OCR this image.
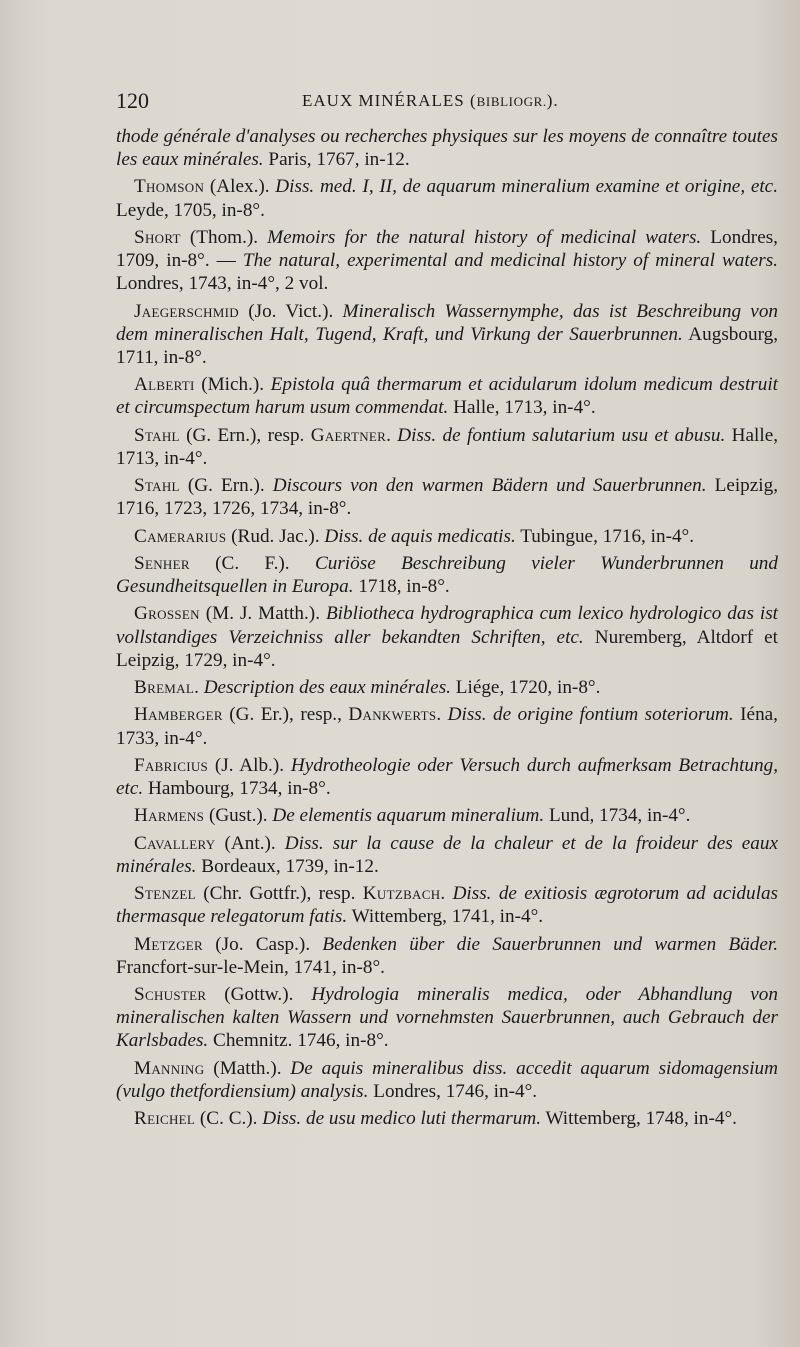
120	EAUX MINÉRALES (BIBLIOGR.).

thode générale d'analyses ou recherches physiques sur les moyens de connaître toutes les eaux minérales. Paris, 1767, in-12.

Thomson (Alex.). Diss. med. I, II, de aquarum mineralium examine et origine, etc. Leyde, 1705, in-8°.

Short (Thom.). Memoirs for the natural history of medicinal waters. Londres, 1709, in-8°. — The natural, experimental and medicinal history of mineral waters. Londres, 1743, in-4°, 2 vol.

Jaegerschmid (Jo. Vict.). Mineralisch Wassernymphe, das ist Beschreibung von dem mineralischen Halt, Tugend, Kraft, und Virkung der Sauerbrunnen. Augsbourg, 1711, in-8°.

Alberti (Mich.). Epistola quâ thermarum et acidularum idolum medicum destruit et circumspectum harum usum commendat. Halle, 1713, in-4°.

Stahl (G. Ern.), resp. Gaertner. Diss. de fontium salutarium usu et abusu. Halle, 1713, in-4°.

Stahl (G. Ern.). Discours von den warmen Bädern und Sauerbrunnen. Leipzig, 1716, 1723, 1726, 1734, in-8°.

Camerarius (Rud. Jac.). Diss. de aquis medicatis. Tubingue, 1716, in-4°.

Senher (C. F.). Curiöse Beschreibung vieler Wunderbrunnen und Gesundheitsquellen in Europa. 1718, in-8°.

Grossen (M. J. Matth.). Bibliotheca hydrographica cum lexico hydrologico das ist vollstandiges Verzeichniss aller bekandten Schriften, etc. Nuremberg, Altdorf et Leipzig, 1729, in-4°.

Bremal. Description des eaux minérales. Liége, 1720, in-8°.

Hamberger (G. Er.), resp., Dankwerts. Diss. de origine fontium soteriorum. Iéna, 1733, in-4°.

Fabricius (J. Alb.). Hydrotheologie oder Versuch durch aufmerksam Betrachtung, etc. Hambourg, 1734, in-8°.

Harmens (Gust.). De elementis aquarum mineralium. Lund, 1734, in-4°.

Cavallery (Ant.). Diss. sur la cause de la chaleur et de la froideur des eaux minérales. Bordeaux, 1739, in-12.

Stenzel (Chr. Gottfr.), resp. Kutzbach. Diss. de exitiosis ægrotorum ad acidulas thermasque relegatorum fatis. Wittemberg, 1741, in-4°.

Metzger (Jo. Casp.). Bedenken über die Sauerbrunnen und warmen Bäder. Francfort-sur-le-Mein, 1741, in-8°.

Schuster (Gottw.). Hydrologia mineralis medica, oder Abhandlung von mineralischen kalten Wassern und vornehmsten Sauerbrunnen, auch Gebrauch der Karlsbades. Chemnitz. 1746, in-8°.

Manning (Matth.). De aquis mineralibus diss. accedit aquarum sidomagensium (vulgo thetfordiensium) analysis. Londres, 1746, in-4°.

Reichel (C. C.). Diss. de usu medico luti thermarum. Wittemberg, 1748, in-4°.
